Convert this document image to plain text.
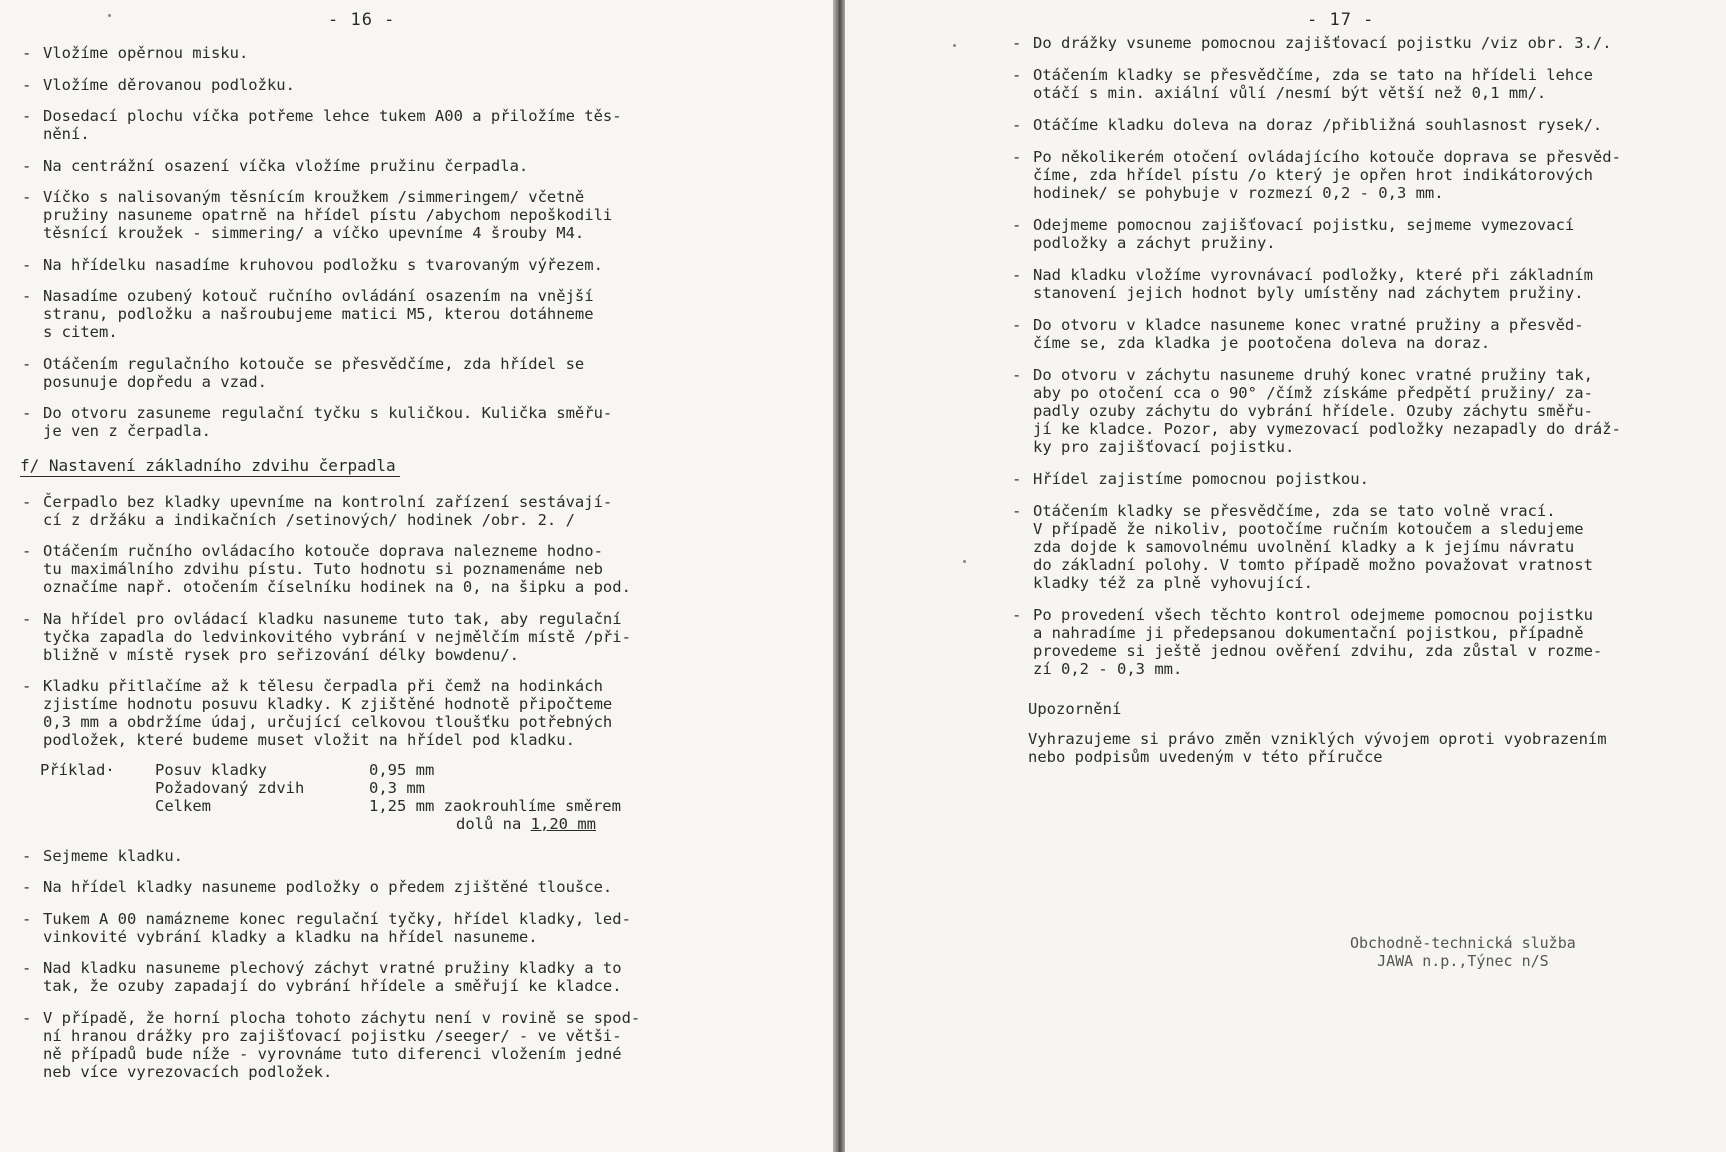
- 16 -
- Vložíme opěrnou misku.
- Vložíme děrovanou podložku.
- Dosedací plochu víčka potřeme lehce tukem A00 a přiložíme těs-
nění.
- Na centrážní osazení víčka vložíme pružinu čerpadla.
- Víčko s nalisovaným těsnícím kroužkem /simmeringem/ včetně
pružiny nasuneme opatrně na hřídel pístu /abychom nepoškodili
těsnící kroužek - simmering/ a víčko upevníme 4 šrouby M4.
- Na hřídelku nasadíme kruhovou podložku s tvarovaným výřezem.
- Nasadíme ozubený kotouč ručního ovládání osazením na vnější
stranu, podložku a našroubujeme matici M5, kterou dotáhneme
s citem.
- Otáčením regulačního kotouče se přesvědčíme, zda hřídel se
posunuje dopředu a vzad.
- Do otvoru zasuneme regulační tyčku s kuličkou. Kulička směřu-
je ven z čerpadla.
f/ Nastavení základního zdvihu čerpadla
- Čerpadlo bez kladky upevníme na kontrolní zařízení sestávají-
cí z držáku a indikačních /setinových/ hodinek /obr. 2. /
- Otáčením ručního ovládacího kotouče doprava nalezneme hodno-
tu maximálního zdvihu pístu. Tuto hodnotu si poznamenáme neb
označíme např. otočením číselníku hodinek na 0, na šipku a pod.
- Na hřídel pro ovládací kladku nasuneme tuto tak, aby regulační
tyčka zapadla do ledvinkovitého vybrání v nejmělčím místě /při-
bližně v místě rysek pro seřizování délky bowdenu/.
- Kladku přitlačíme až k tělesu čerpadla při čemž na hodinkách
zjistíme hodnotu posuvu kladky. K zjištěné hodnotě připočteme
0,3 mm a obdržíme údaj, určující celkovou tloušťku potřebných
podložek, které budeme muset vložit na hřídel pod kladku.
Příklad·	Posuv kladky
Požadovaný zdvih
Celkem
0,95 mm
0,3 mm
1,25 mm zaokrouhlíme směrem
dolů na 1,20 mm
- Sejmeme kladku.
- Na hřídel kladky nasuneme podložky o předem zjištěné tloušce.
- Tukem A 00 namázneme konec regulační tyčky, hřídel kladky, led-
vinkovité vybrání kladky a kladku na hřídel nasuneme.
- Nad kladku nasuneme plechový záchyt vratné pružiny kladky a to
tak, že ozuby zapadají do vybrání hřídele a směřují ke kladce.
- V případě, že horní plocha tohoto záchytu není v rovině se spod-
ní hranou drážky pro zajišťovací pojistku /seeger/ - ve větši-
ně případů bude níže - vyrovnáme tuto diferenci vložením jedné
neb více vyrezovacích podložek.
- 17 -
- Do drážky vsuneme pomocnou zajišťovací pojistku /viz obr. 3./.
- Otáčením kladky se přesvědčíme, zda se tato na hřídeli lehce
otáčí s min. axiální vůlí /nesmí být větší než 0,1 mm/.
- Otáčíme kladku doleva na doraz /přibližná souhlasnost rysek/.
- Po několikerém otočení ovládajícího kotouče doprava se přesvěd-
číme, zda hřídel pístu /o který je opřen hrot indikátorových
hodinek/ se pohybuje v rozmezí 0,2 - 0,3 mm.
- Odejmeme pomocnou zajišťovací pojistku, sejmeme vymezovací
podložky a záchyt pružiny.
- Nad kladku vložíme vyrovnávací podložky, které při základním
stanovení jejich hodnot byly umístěny nad záchytem pružiny.
- Do otvoru v kladce nasuneme konec vratné pružiny a přesvěd-
číme se, zda kladka je pootočena doleva na doraz.
- Do otvoru v záchytu nasuneme druhý konec vratné pružiny tak,
aby po otočení cca o 90° /čímž získáme předpětí pružiny/ za-
padly ozuby záchytu do vybrání hřídele. Ozuby záchytu směřu-
jí ke kladce. Pozor, aby vymezovací podložky nezapadly do dráž-
ky pro zajišťovací pojistku.
- Hřídel zajistíme pomocnou pojistkou.
- Otáčením kladky se přesvědčíme, zda se tato volně vrací.
V případě že nikoliv, pootočíme ručním kotoučem a sledujeme
zda dojde k samovolnému uvolnění kladky a k jejímu návratu
do základní polohy. V tomto případě možno považovat vratnost
kladky též za plně vyhovující.
- Po provedení všech těchto kontrol odejmeme pomocnou pojistku
a nahradíme ji předepsanou dokumentační pojistkou, případně
provedeme si ještě jednou ověření zdvihu, zda zůstal v rozme-
zí 0,2 - 0,3 mm.
Upozornění
Vyhrazujeme si právo změn vzniklých vývojem oproti vyobrazením
nebo podpisům uvedeným v této příručce
Obchodně-technická služba
JAWA n.p.,Týnec n/S
